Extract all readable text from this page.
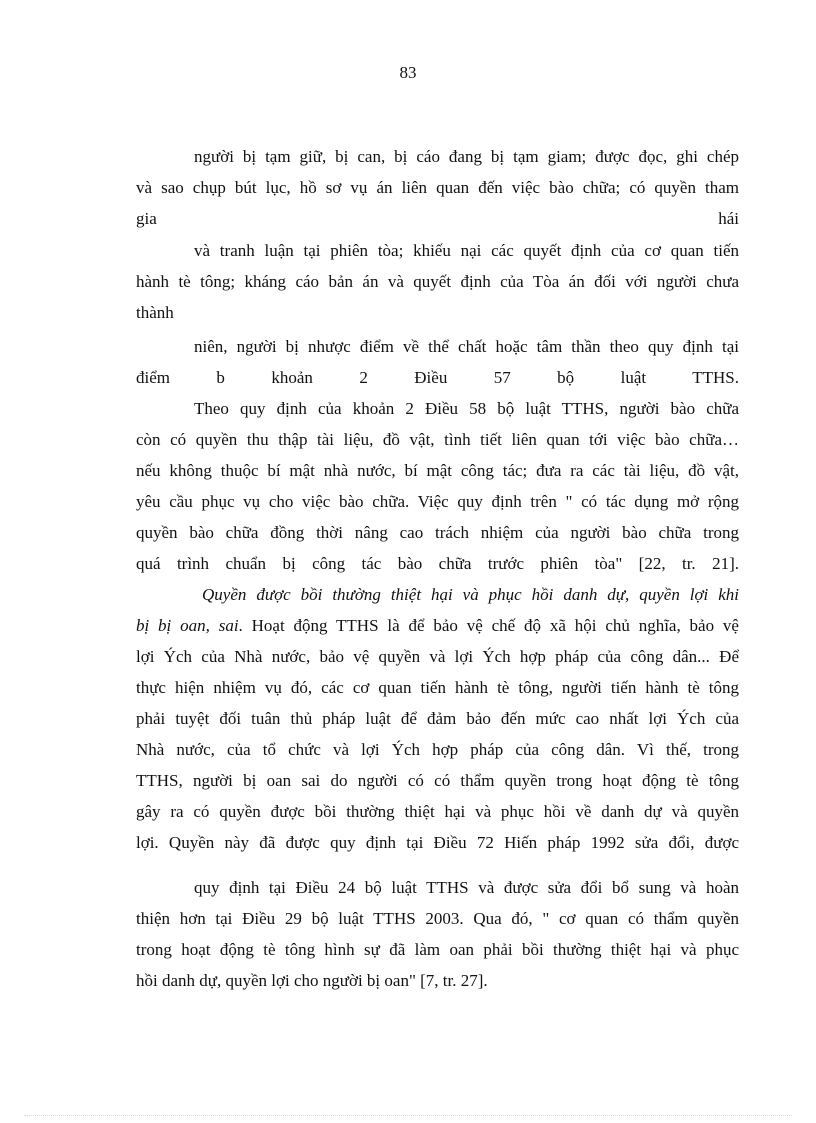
83
người bị tạm giữ, bị can, bị cáo đang bị tạm giam; được đọc, ghi chép
và sao chụp bút lục, hồ sơ vụ án liên quan đến việc bào chữa; có quyền tham
gia	hái
và tranh luận tại phiên tòa; khiếu nại các quyết định của cơ quan tiến
hành tè tông; kháng cáo bản án và quyết định của Tòa án đối với người chưa
thành
niên, người bị nhược điểm về thể chất hoặc tâm thần theo quy định tại
điểm b khoản 2 Điều 57 bộ luật TTHS.
Theo quy định của khoản 2 Điều 58 bộ luật TTHS, người bào chữa
còn có quyền thu thập tài liệu, đồ vật, tình tiết liên quan tới việc bào chữa…
nếu không thuộc bí mật nhà nước, bí mật công tác; đưa ra các tài liệu, đồ vật,
yêu cầu phục vụ cho việc bào chữa. Việc quy định trên " có tác dụng mở rộng
quyền bào chữa đồng thời nâng cao trách nhiệm của người bào chữa trong
quá trình chuẩn bị công tác bào chữa trước phiên tòa" [22, tr. 21].
Quyền được bồi thường thiệt hại và phục hồi danh dự, quyền lợi khi
bị bị oan, sai. Hoạt động TTHS là để bảo vệ chế độ xã hội chủ nghĩa, bảo vệ
lợi Ých của Nhà nước, bảo vệ quyền và lợi Ých hợp pháp của công dân... Để
thực hiện nhiệm vụ đó, các cơ quan tiến hành tè tông, người tiến hành tè tông
phải tuyệt đối tuân thủ pháp luật để đảm bảo đến mức cao nhất lợi Ých của
Nhà nước, của tổ chức và lợi Ých hợp pháp của công dân. Vì thế, trong
TTHS, người bị oan sai do người có có thẩm quyền trong hoạt động tè tông
gây ra có quyền được bồi thường thiệt hại và phục hồi về danh dự và quyền
lợi. Quyền này đã được quy định tại Điều 72 Hiến pháp 1992 sửa đổi, được
quy định tại Điều 24 bộ luật TTHS và được sửa đổi bổ sung và hoàn
thiện hơn tại Điều 29 bộ luật TTHS 2003. Qua đó, " cơ quan có thẩm quyền
trong hoạt động tè tông hình sự đã làm oan phải bồi thường thiệt hại và phục
hồi danh dự, quyền lợi cho người bị oan" [7, tr. 27].
